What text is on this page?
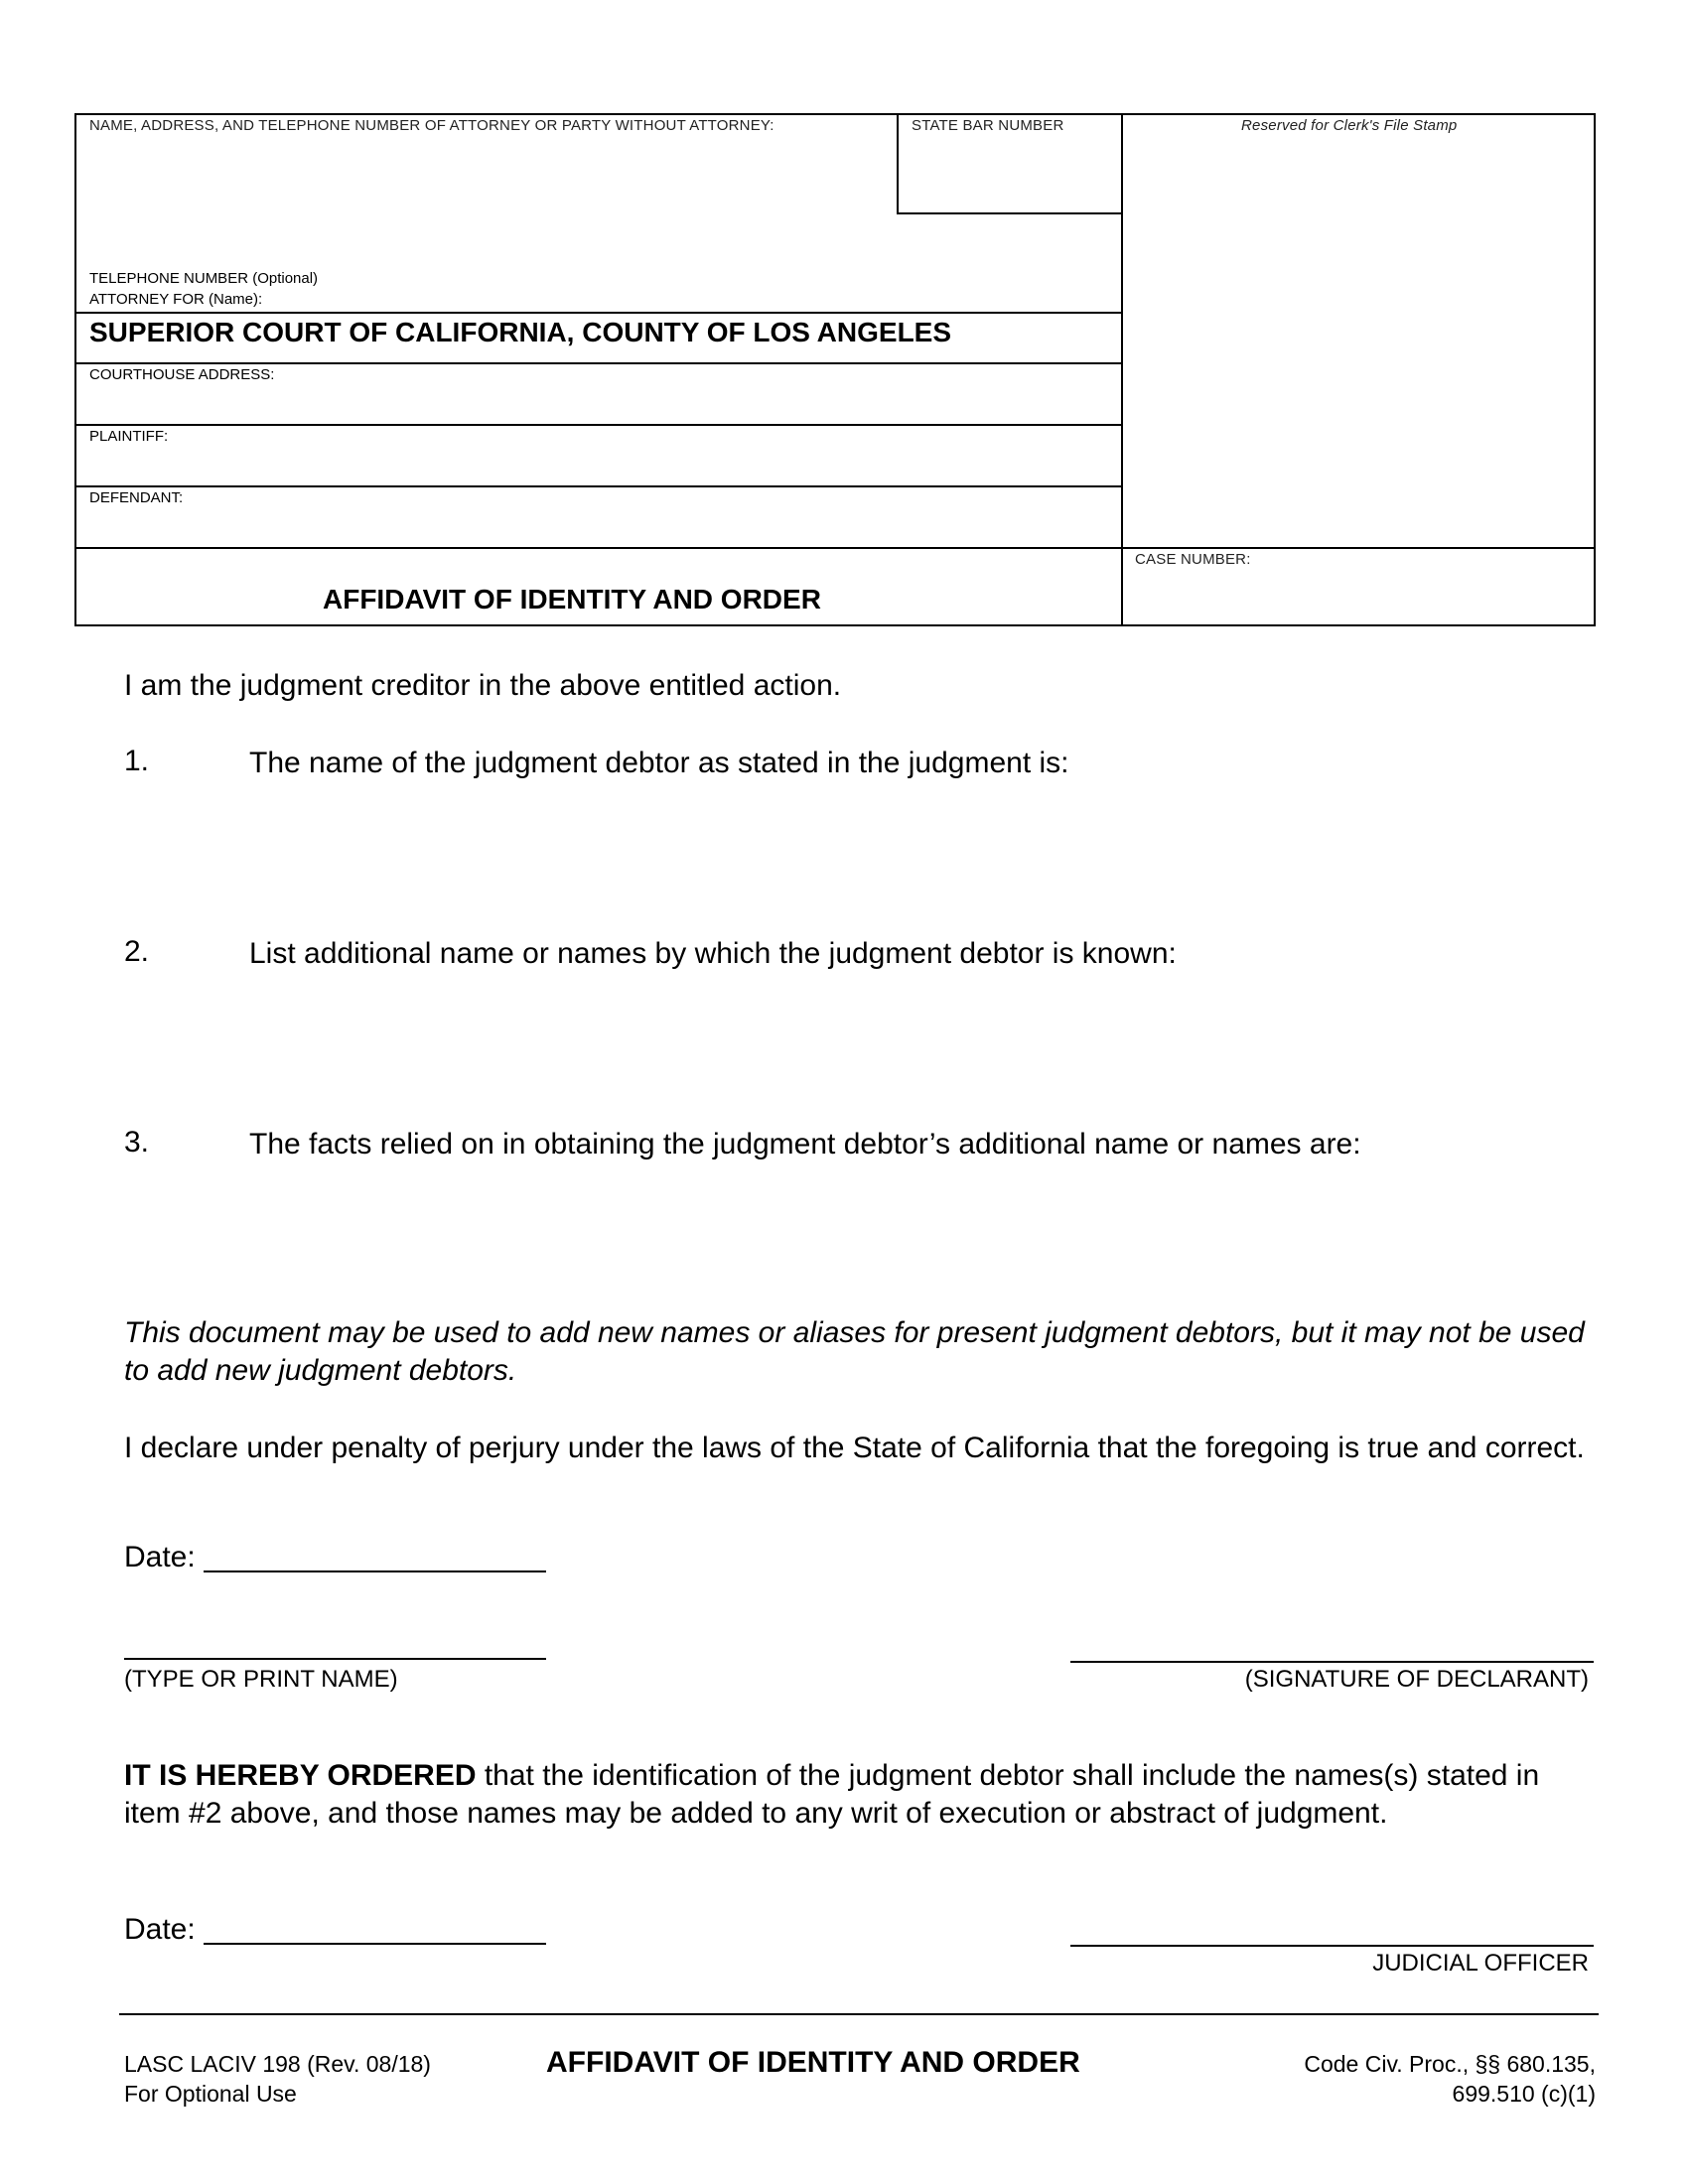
NAME, ADDRESS, AND TELEPHONE NUMBER OF ATTORNEY OR PARTY WITHOUT ATTORNEY:	STATE BAR NUMBER	Reserved for Clerk's File Stamp
TELEPHONE NUMBER (Optional)
ATTORNEY FOR (Name):
SUPERIOR COURT OF CALIFORNIA, COUNTY OF LOS ANGELES
COURTHOUSE ADDRESS:
PLAINTIFF:
DEFENDANT:
AFFIDAVIT OF IDENTITY AND ORDER
CASE NUMBER:
I am the judgment creditor in the above entitled action.
1.	The name of the judgment debtor as stated in the judgment is:
2.	List additional name or names by which the judgment debtor is known:
3.	The facts relied on in obtaining the judgment debtor’s additional name or names are:
This document may be used to add new names or aliases for present judgment debtors, but it may not be used to add new judgment debtors.
I declare under penalty of perjury under the laws of the State of California that the foregoing is true and correct.
Date:
(TYPE OR PRINT NAME)	(SIGNATURE OF DECLARANT)
IT IS HEREBY ORDERED that the identification of the judgment debtor shall include the names(s) stated in item #2 above, and those names may be added to any writ of execution or abstract of judgment.
Date:
JUDICIAL OFFICER
LASC LACIV 198 (Rev. 08/18)
For Optional Use
AFFIDAVIT OF IDENTITY AND ORDER	Code Civ. Proc., §§ 680.135,
699.510 (c)(1)
